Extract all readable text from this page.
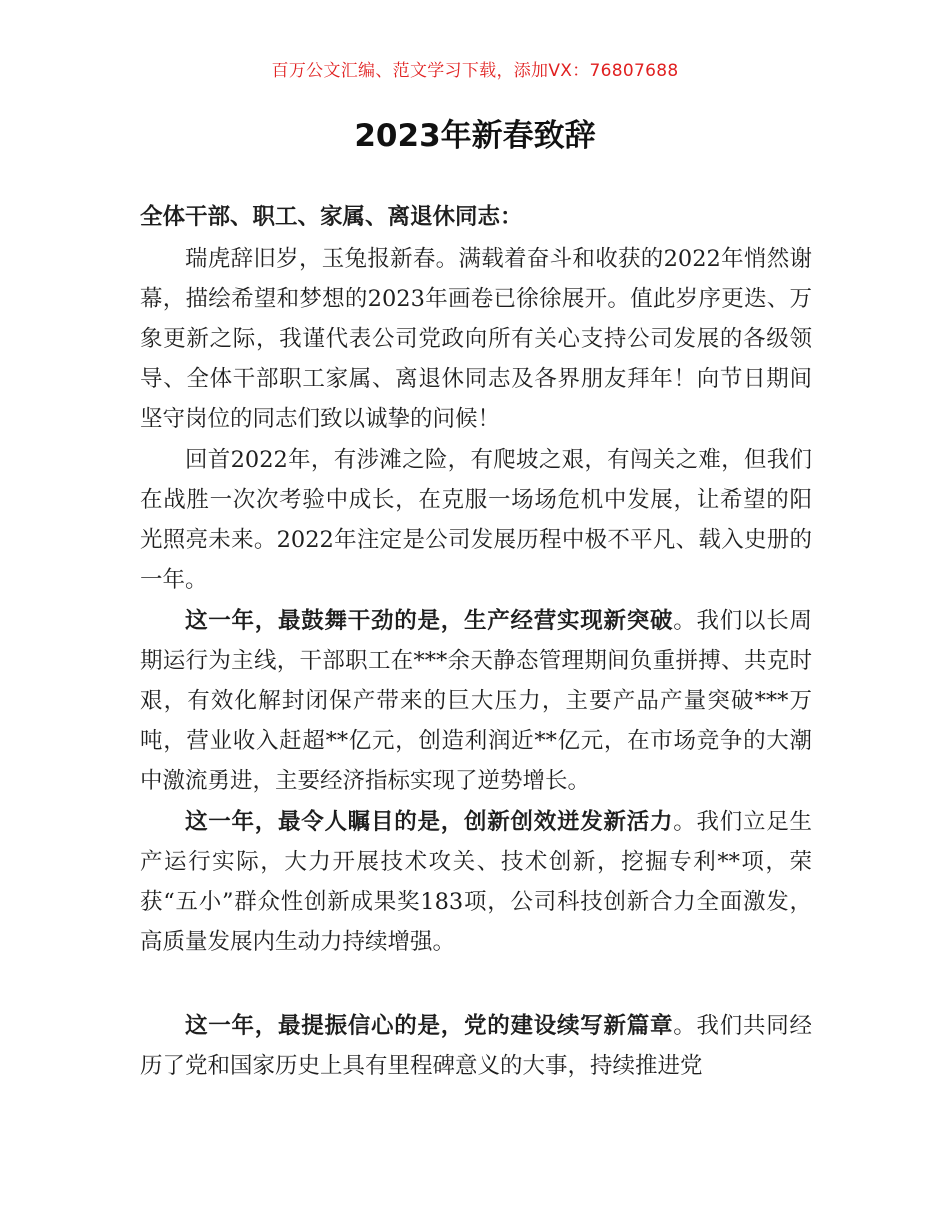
百万公文汇编、范文学习下载，添加VX：76807688
2023年新春致辞
全体干部、职工、家属、离退休同志：

瑞虎辞旧岁，玉兔报新春。满载着奋斗和收获的2022年悄然谢幕，描绘希望和梦想的2023年画卷已徐徐展开。值此岁序更迭、万象更新之际，我谨代表公司党政向所有关心支持公司发展的各级领导、全体干部职工家属、离退休同志及各界朋友拜年！向节日期间坚守岗位的同志们致以诚挚的问候！

回首2022年，有涉滩之险，有爬坡之艰，有闯关之难，但我们在战胜一次次考验中成长，在克服一场场危机中发展，让希望的阳光照亮未来。2022年注定是公司发展历程中极不平凡、载入史册的一年。

这一年，最鼓舞干劲的是，生产经营实现新突破。我们以长周期运行为主线，干部职工在***余天静态管理期间负重拼搏、共克时艰，有效化解封闭保产带来的巨大压力，主要产品产量突破***万吨，营业收入赶超**亿元，创造利润近**亿元，在市场竞争的大潮中激流勇进，主要经济指标实现了逆势增长。

这一年，最令人瞩目的是，创新创效迸发新活力。我们立足生产运行实际，大力开展技术攻关、技术创新，挖掘专利**项，荣获“五小”群众性创新成果奖183项，公司科技创新合力全面激发，高质量发展内生动力持续增强。

这一年，最提振信心的是，党的建设续写新篇章。我们共同经历了党和国家历史上具有里程碑意义的大事，持续推进党
